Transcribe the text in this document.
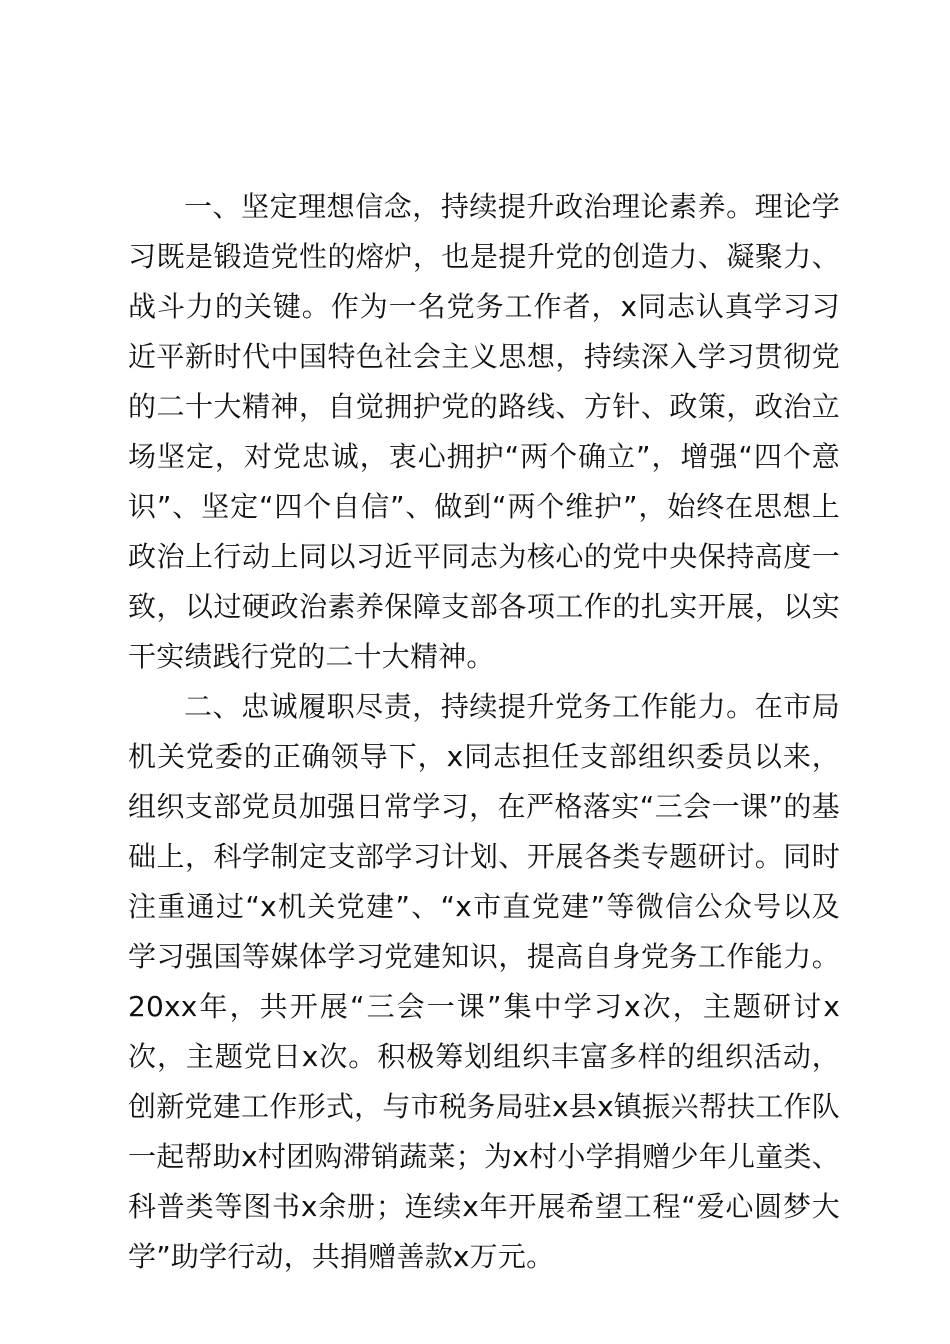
一、坚定理想信念，持续提升政治理论素养。理论学习既是锻造党性的熔炉，也是提升党的创造力、凝聚力、战斗力的关键。作为一名党务工作者，x同志认真学习习近平新时代中国特色社会主义思想，持续深入学习贯彻党的二十大精神，自觉拥护党的路线、方针、政策，政治立场坚定，对党忠诚，衷心拥护“两个确立”，增强“四个意识”、坚定“四个自信”、做到“两个维护”，始终在思想上政治上行动上同以习近平同志为核心的党中央保持高度一致，以过硬政治素养保障支部各项工作的扎实开展，以实干实绩践行党的二十大精神。

二、忠诚履职尽责，持续提升党务工作能力。在市局机关党委的正确领导下，x同志担任支部组织委员以来，组织支部党员加强日常学习，在严格落实“三会一课”的基础上，科学制定支部学习计划、开展各类专题研讨。同时注重通过“x机关党建”、“x市直党建”等微信公众号以及学习强国等媒体学习党建知识，提高自身党务工作能力。20xx年，共开展“三会一课”集中学习x次，主题研讨x次，主题党日x次。积极筹划组织丰富多样的组织活动，创新党建工作形式，与市税务局驻x县x镇振兴帮扶工作队一起帮助x村团购滞销蔬菜；为x村小学捐赠少年儿童类、科普类等图书x余册；连续x年开展希望工程“爱心圆梦大学”助学行动，共捐赠善款x万元。
